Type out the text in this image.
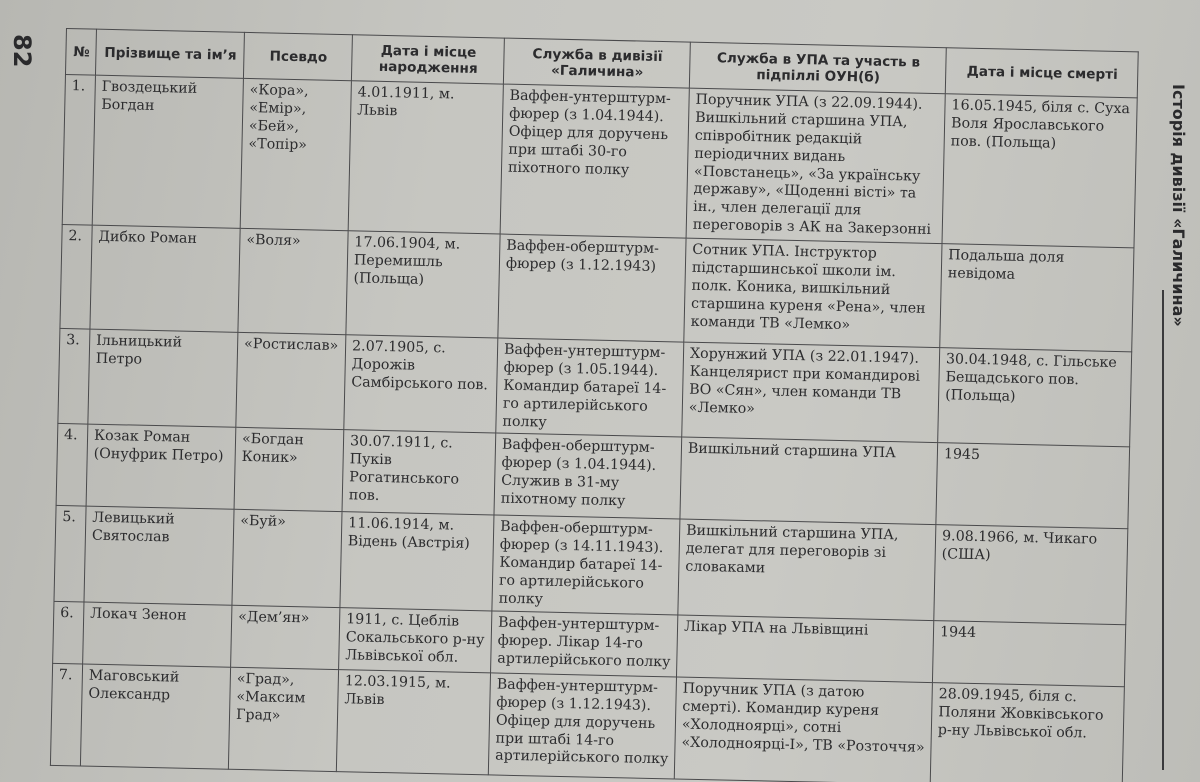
82
Історія дивізії «Галичина»
№	Прізвище та ім’я	Псевдо	Дата і місце народження	Служба в дивізії «Галичина»	Служба в УПА та участь в підпіллі ОУН(б)	Дата і місце смерті
1.	Гвоздецький Богдан	«Кора», «Емір», «Бей», «Топір»	4.01.1911, м. Львів	Ваффен-унтерштурм-фюрер (з 1.04.1944). Офіцер для доручень при штабі 30-го піхотного полку	Поручник УПА (з 22.09.1944). Вишкільний старшина УПА, співробітник редакцій періодичних видань «Повстанець», «За українську державу», «Щоденні вісті» та ін., член делегації для переговорів з АК на Закерзонні	16.05.1945, біля с. Суха Воля Ярославського пов. (Польща)
2.	Дибко Роман	«Воля»	17.06.1904, м. Перемишль (Польща)	Ваффен-оберштурм-фюрер (з 1.12.1943)	Сотник УПА. Інструктор підстаршинської школи ім. полк. Коника, вишкільний старшина куреня «Рена», член команди ТВ «Лемко»	Подальша доля невідома
3.	Ільницький Петро	«Ростислав»	2.07.1905, с. Дорожів Самбірського пов.	Ваффен-унтерштурм-фюрер (з 1.05.1944). Командир батареї 14-го артилерійського полку	Хорунжий УПА (з 22.01.1947). Канцелярист при командирові ВО «Сян», член команди ТВ «Лемко»	30.04.1948, с. Гільське Бещадського пов. (Польща)
4.	Козак Роман (Онуфрик Петро)	«Богдан Коник»	30.07.1911, с. Пуків Рогатинського пов.	Ваффен-оберштурм-фюрер (з 1.04.1944). Служив в 31-му піхотному полку	Вишкільний старшина УПА	1945
5.	Левицький Святослав	«Буй»	11.06.1914, м. Відень (Австрія)	Ваффен-оберштурм-фюрер (з 14.11.1943). Командир батареї 14-го артилерійського полку	Вишкільний старшина УПА, делегат для переговорів зі словаками	9.08.1966, м. Чикаго (США)
6.	Локач Зенон	«Дем’ян»	1911, с. Цеблів Сокальського р-ну Львівської обл.	Ваффен-унтерштурм-фюрер. Лікар 14-го артилерійського полку	Лікар УПА на Львівщині	1944
7.	Маговський Олександр	«Град», «Максим Град»	12.03.1915, м. Львів	Ваффен-унтерштурм-фюрер (з 1.12.1943). Офіцер для доручень при штабі 14-го артилерійського полку	Поручник УПА (з датою смерті). Командир куреня «Холодноярці», сотні «Холодноярці-I», ТВ «Розточчя»	28.09.1945, біля с. Поляни Жовківського р-ну Львівської обл.
